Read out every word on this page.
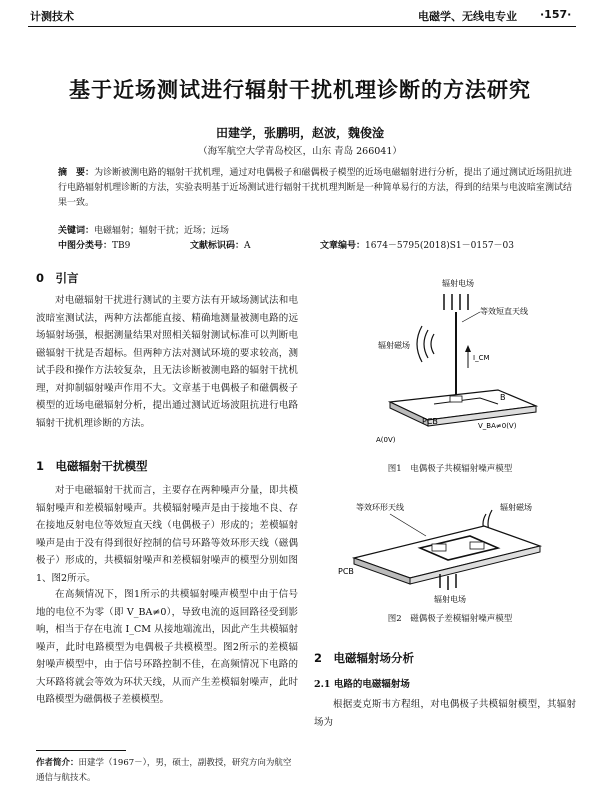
计测技术	电磁学、无线电专业 ·157·
基于近场测试进行辐射干扰机理诊断的方法研究
田建学，张鹏明，赵波，魏俊淦
（海军航空大学青岛校区，山东 青岛 266041）
摘　要：为诊断被测电路的辐射干扰机理，通过对电偶极子和磁偶极子模型的近场电磁辐射进行分析，提出了通过测试近场阻抗进行电路辐射机理诊断的方法，实验表明基于近场测试进行辐射干扰机理判断是一种简单易行的方法，得到的结果与电波暗室测试结果一致。
关键词：电磁辐射；辐射干扰；近场；远场
中图分类号：TB9	文献标识码：A	文章编号：1674－5795(2018)S1－0157－03
0　引言

对电磁辐射干扰进行测试的主要方法有开域场测试法和电波暗室测试法，两种方法都能直接、精确地测量被测电路的远场辐射场强，根据测量结果对照相关辐射测试标准可以判断电磁辐射干扰是否超标。但两种方法对测试环境的要求较高，测试手段和操作方法较复杂，且无法诊断被测电路的辐射干扰机理，对抑制辐射噪声作用不大。文章基于电偶极子和磁偶极子模型的近场电磁辐射分析，提出通过测试近场波阻抗进行电路辐射干扰机理诊断的方法。

1　电磁辐射干扰模型

对于电磁辐射干扰而言，主要存在两种噪声分量，即共模辐射噪声和差模辐射噪声。共模辐射噪声是由于接地不良、存在接地反射电位等效短直天线（电偶极子）形成的；差模辐射噪声是由于没有得到很好控制的信号环路等效环形天线（磁偶极子）形成的，共模辐射噪声和差模辐射噪声的模型分别如图1、图2所示。

在高频情况下，图1所示的共模辐射噪声模型中由于信号地的电位不为零（即 V_BA≠0），导致电流的返回路径受到影响，相当于存在电流 I_CM 从接地端流出，因此产生共模辐射噪声，此时电路模型为电偶极子共模模型。图2所示的差模辐射噪声模型中，由于信号环路控制不佳，在高频情况下电路的大环路将就会等效为环状天线，从而产生差模辐射噪声，此时电路模型为磁偶极子差模模型。

作者简介：田建学（1967－），男，硕士，副教授，研究方向为航空通信与航技术。
辐射电场
等效短直天线
辐射磁场
I_CM
B
PCB	V_BA≠0(V)
A(0V)
图1　电偶极子共模辐射噪声模型
等效环形天线	辐射磁场
PCB
辐射电场
图2　磁偶极子差模辐射噪声模型
2　电磁辐射场分析
2.1 电路的电磁辐射场

根据麦克斯韦方程组，对电偶极子共模辐射模型，其辐射场为
